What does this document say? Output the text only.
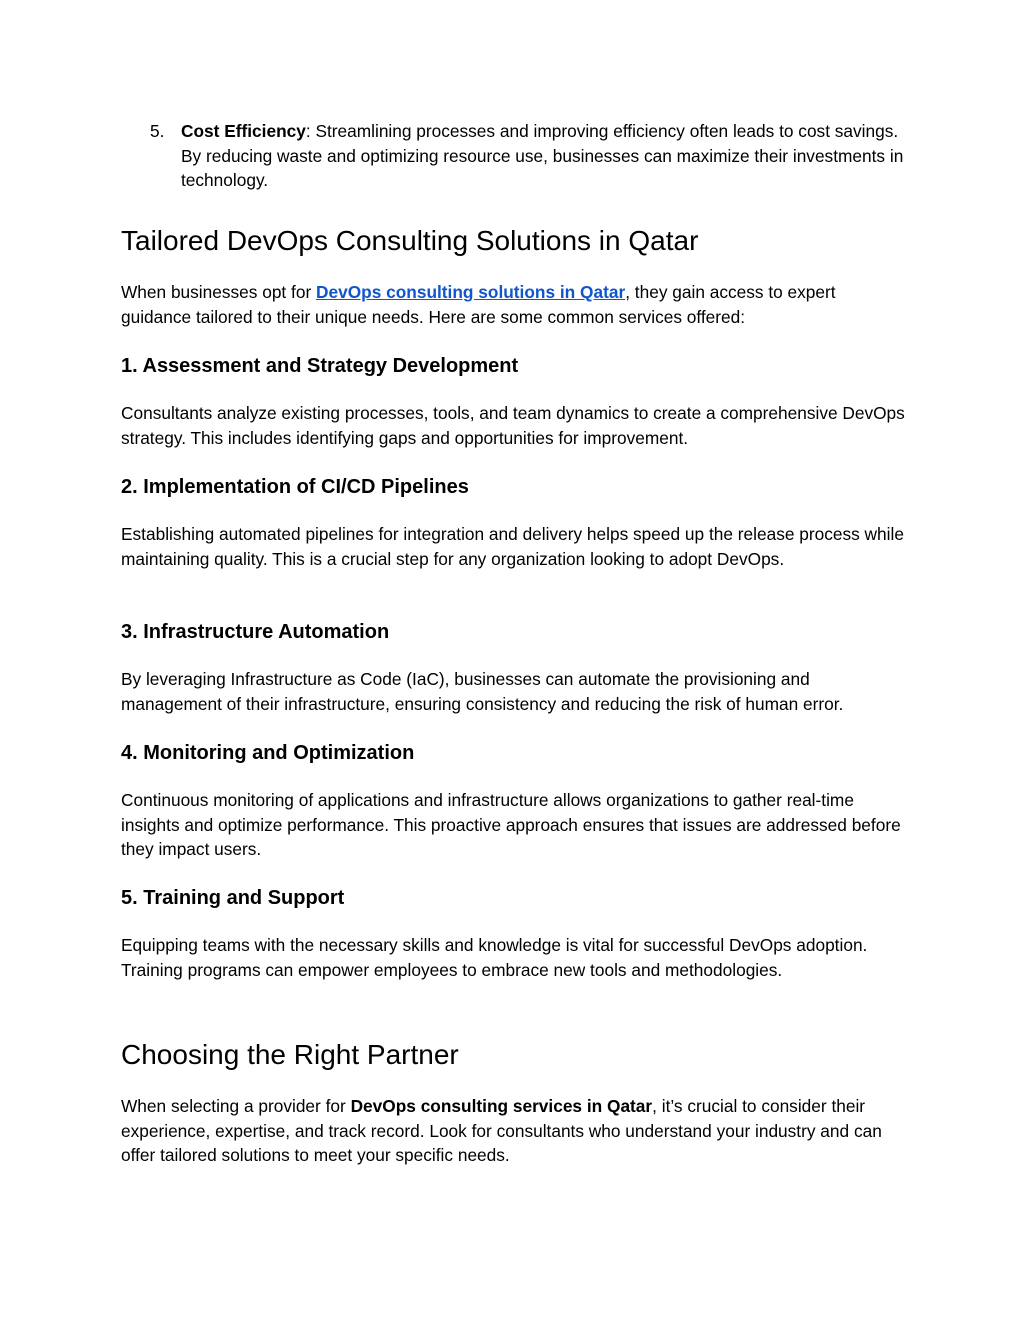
5. Cost Efficiency: Streamlining processes and improving efficiency often leads to cost savings. By reducing waste and optimizing resource use, businesses can maximize their investments in technology.
Tailored DevOps Consulting Solutions in Qatar

When businesses opt for DevOps consulting solutions in Qatar, they gain access to expert guidance tailored to their unique needs. Here are some common services offered:

1. Assessment and Strategy Development

Consultants analyze existing processes, tools, and team dynamics to create a comprehensive DevOps strategy. This includes identifying gaps and opportunities for improvement.

2. Implementation of CI/CD Pipelines

Establishing automated pipelines for integration and delivery helps speed up the release process while maintaining quality. This is a crucial step for any organization looking to adopt DevOps.

3. Infrastructure Automation

By leveraging Infrastructure as Code (IaC), businesses can automate the provisioning and management of their infrastructure, ensuring consistency and reducing the risk of human error.

4. Monitoring and Optimization

Continuous monitoring of applications and infrastructure allows organizations to gather real-time insights and optimize performance. This proactive approach ensures that issues are addressed before they impact users.

5. Training and Support

Equipping teams with the necessary skills and knowledge is vital for successful DevOps adoption. Training programs can empower employees to embrace new tools and methodologies.

Choosing the Right Partner

When selecting a provider for DevOps consulting services in Qatar, it’s crucial to consider their experience, expertise, and track record. Look for consultants who understand your industry and can offer tailored solutions to meet your specific needs.
